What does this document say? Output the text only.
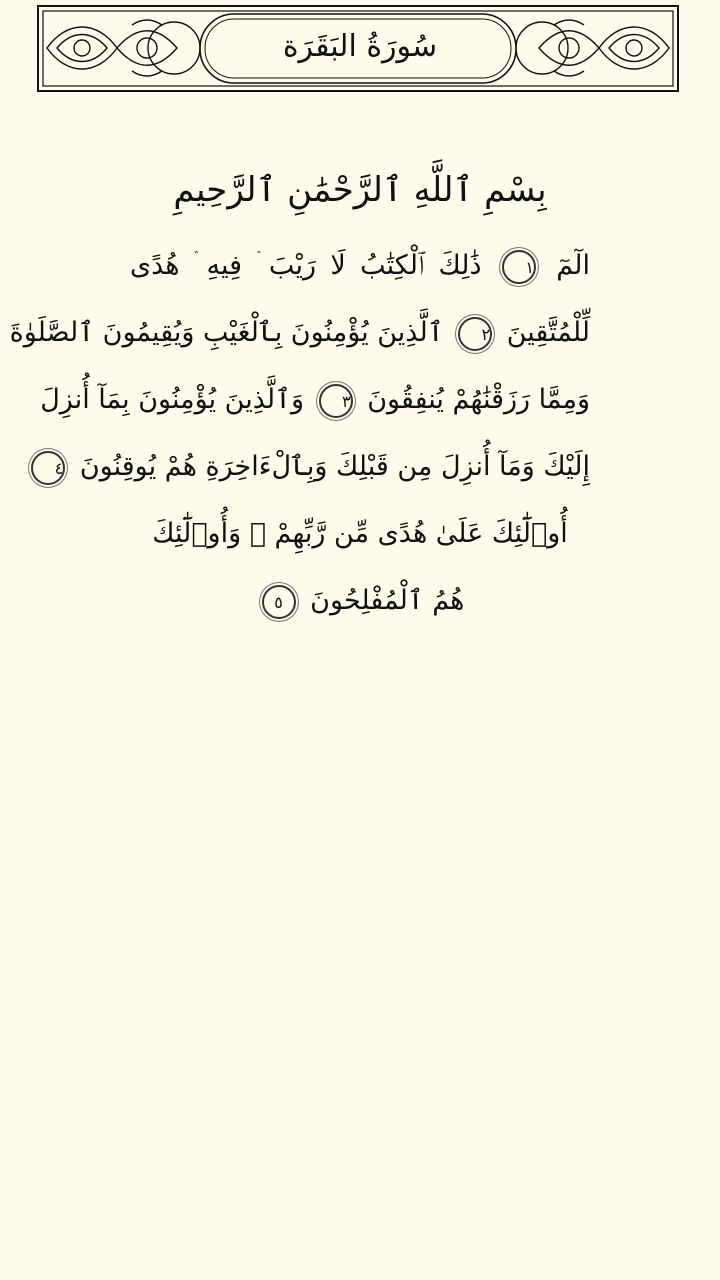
سُورَةُ البَقَرَة
بِسْمِ ٱللَّهِ ٱلرَّحْمَٰنِ ٱلرَّحِيمِ
الٓمٓ ١ ذَٰلِكَ ٱلْكِتَٰبُ لَا رَيْبَ ۛ فِيهِ ۛ هُدًى
لِّلْمُتَّقِينَ ٢ ٱلَّذِينَ يُؤْمِنُونَ بِٱلْغَيْبِ وَيُقِيمُونَ ٱلصَّلَوٰةَ
وَمِمَّا رَزَقْنَٰهُمْ يُنفِقُونَ ٣ وَٱلَّذِينَ يُؤْمِنُونَ بِمَآ أُنزِلَ
إِلَيْكَ وَمَآ أُنزِلَ مِن قَبْلِكَ وَبِٱلْءَاخِرَةِ هُمْ يُوقِنُونَ ٤
أُو۟لَٰٓئِكَ عَلَىٰ هُدًى مِّن رَّبِّهِمْ ۖ وَأُو۟لَٰٓئِكَ
هُمُ ٱلْمُفْلِحُونَ ٥
